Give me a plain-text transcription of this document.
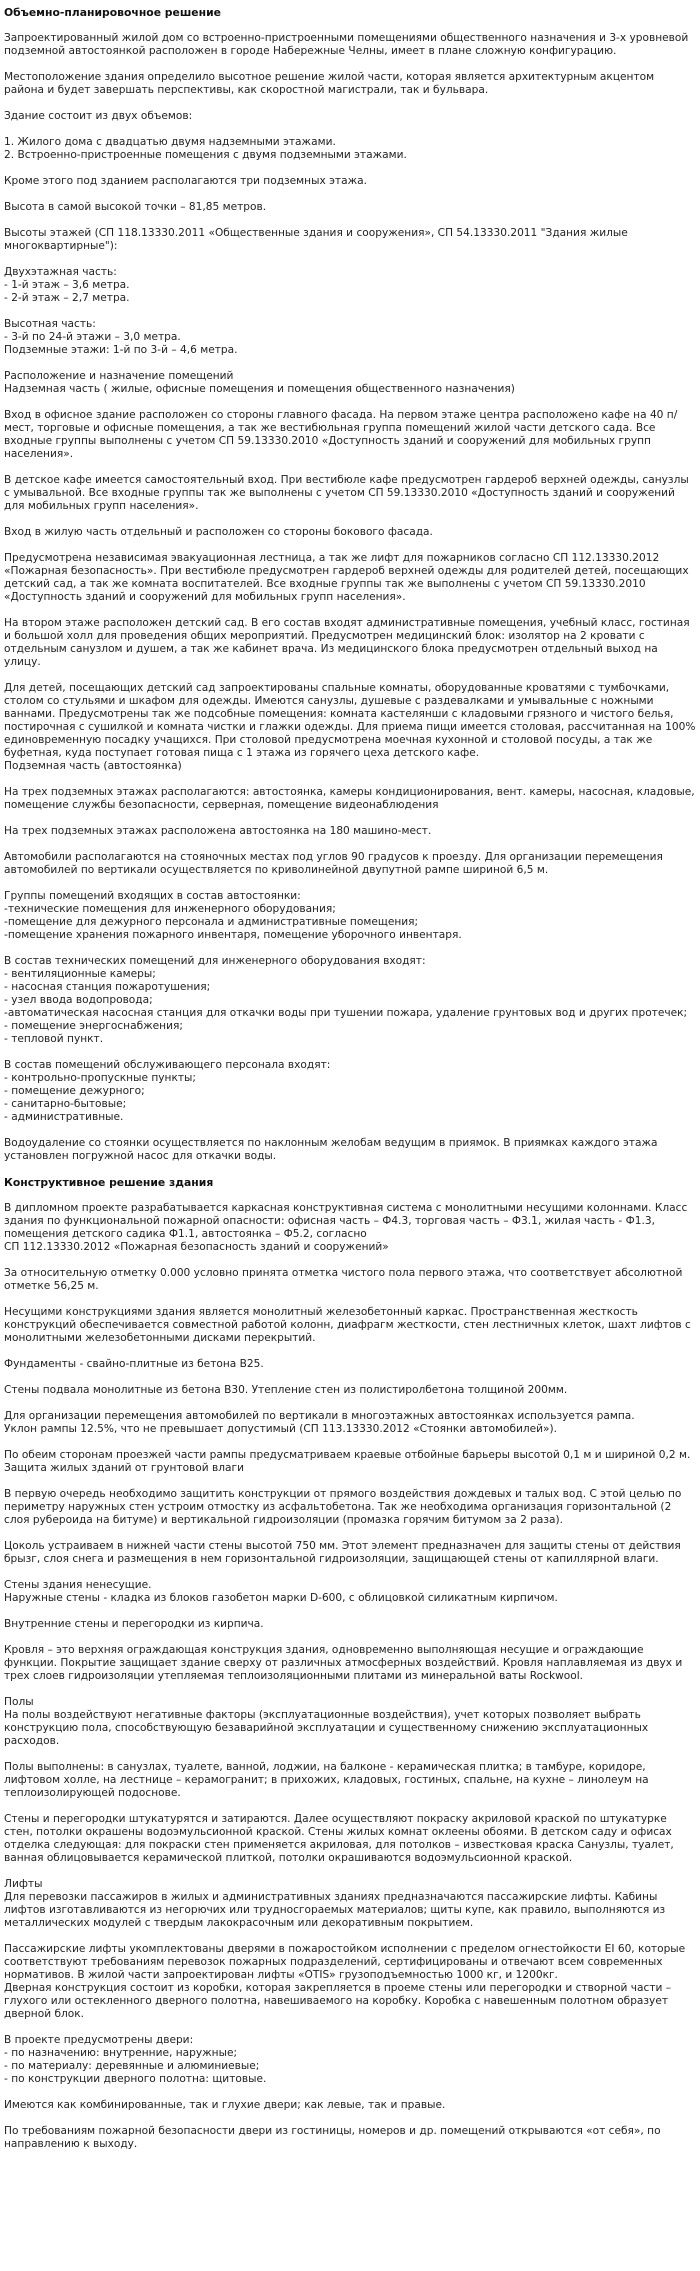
Объемно-планировочное решение

Запроектированный жилой дом со встроенно-пристроенными помещениями общественного назначения и 3-х уровневой подземной автостоянкой расположен в городе Набережные Челны, имеет в плане сложную конфигурацию.

Местоположение здания определило высотное решение жилой части, которая является архитектурным акцентом района и будет завершать перспективы, как скоростной магистрали, так и бульвара.

Здание состоит из двух объемов:

1. Жилого дома с двадцатью двумя надземными этажами.
2. Встроенно-пристроенные помещения с двумя подземными этажами.

Кроме этого под зданием располагаются три подземных этажа.

Высота в самой высокой точки – 81,85 метров.

Высоты этажей (СП 118.13330.2011 «Общественные здания и сооружения», СП 54.13330.2011 "Здания жилые многоквартирные"):

Двухэтажная часть:
- 1-й этаж – 3,6 метра.
- 2-й этаж – 2,7 метра.

Высотная часть:
- 3-й по 24-й этажи – 3,0 метра.
Подземные этажи: 1-й по 3-й – 4,6 метра.

Расположение и назначение помещений
Надземная часть ( жилые, офисные помещения и помещения общественного назначения)

Вход в офисное здание расположен со стороны главного фасада. На первом этаже центра расположено кафе на 40 п/мест, торговые и офисные помещения, а так же вестибюльная группа помещений жилой части детского сада. Все входные группы выполнены с учетом СП 59.13330.2010 «Доступность зданий и сооружений для мобильных групп населения».

В детское кафе имеется самостоятельный вход. При вестибюле кафе предусмотрен гардероб верхней одежды, санузлы с умывальной. Все входные группы так же выполнены с учетом СП 59.13330.2010 «Доступность зданий и сооружений для мобильных групп населения».

Вход в жилую часть отдельный и расположен со стороны бокового фасада.

Предусмотрена независимая эвакуационная лестница, а так же лифт для пожарников согласно СП 112.13330.2012 «Пожарная безопасность». При вестибюле предусмотрен гардероб верхней одежды для родителей детей, посещающих детский сад, а так же комната воспитателей. Все входные группы так же выполнены с учетом СП 59.13330.2010 «Доступность зданий и сооружений для мобильных групп населения».

На втором этаже расположен детский сад. В его состав входят административные помещения, учебный класс, гостиная и большой холл для проведения общих мероприятий. Предусмотрен медицинский блок: изолятор на 2 кровати с отдельным санузлом и душем, а так же кабинет врача. Из медицинского блока предусмотрен отдельный выход на улицу.

Для детей, посещающих детский сад запроектированы спальные комнаты, оборудованные кроватями с тумбочками, столом со стульями и шкафом для одежды. Имеются санузлы, душевые с раздевалками и умывальные с ножными ваннами. Предусмотрены так же подсобные помещения: комната кастелянши с кладовыми грязного и чистого белья, постирочная с сушилкой и комната чистки и глажки одежды. Для приема пищи имеется столовая, рассчитанная на 100% единовременную посадку учащихся. При столовой предусмотрена моечная кухонной и столовой посуды, а так же буфетная, куда поступает готовая пища с 1 этажа из горячего цеха детского кафе.
Подземная часть (автостоянка)

На трех подземных этажах располагаются: автостоянка, камеры кондиционирования, вент. камеры, насосная, кладовые, помещение службы безопасности, серверная, помещение видеонаблюдения

На трех подземных этажах расположена автостоянка на 180 машино-мест.

Автомобили располагаются на стояночных местах под углов 90 градусов к проезду. Для организации перемещения автомобилей по вертикали осуществляется по криволинейной двупутной рампе шириной 6,5 м.

Группы помещений входящих в состав автостоянки:
-технические помещения для инженерного оборудования;
-помещение для дежурного персонала и административные помещения;
-помещение хранения пожарного инвентаря, помещение уборочного инвентаря.

В состав технических помещений для инженерного оборудования входят:
- вентиляционные камеры;
- насосная станция пожаротушения;
- узел ввода водопровода;
-автоматическая насосная станция для откачки воды при тушении пожара, удаление грунтовых вод и других протечек;
- помещение энергоснабжения;
- тепловой пункт.

В состав помещений обслуживающего персонала входят:
- контрольно-пропускные пункты;
- помещение дежурного;
- санитарно-бытовые;
- административные.

Водоудаление со стоянки осуществляется по наклонным желобам ведущим в приямок. В приямках каждого этажа установлен погружной насос для откачки воды.

Конструктивное решение здания

В дипломном проекте разрабатывается каркасная конструктивная система с монолитными несущими колоннами. Класс здания по функциональной пожарной опасности: офисная часть – Ф4.3, торговая часть – Ф3.1, жилая часть - Ф1.3, помещения детского садика Ф1.1, автостоянка – Ф5.2, согласно
СП 112.13330.2012 «Пожарная безопасность зданий и сооружений»

За относительную отметку 0.000 условно принята отметка чистого пола первого этажа, что соответствует абсолютной отметке 56,25 м.

Несущими конструкциями здания является монолитный железобетонный каркас. Пространственная жесткость конструкций обеспечивается совместной работой колонн, диафрагм жесткости, стен лестничных клеток, шахт лифтов с монолитными железобетонными дисками перекрытий.

Фундаменты - свайно-плитные из бетона B25.

Стены подвала монолитные из бетона B30. Утепление стен из полистиролбетона толщиной 200мм.

Для организации перемещения автомобилей по вертикали в многоэтажных автостоянках используется рампа.
Уклон рампы 12.5%, что не превышает допустимый (СП 113.13330.2012 «Стоянки автомобилей»).

По обеим сторонам проезжей части рампы предусматриваем краевые отбойные барьеры высотой 0,1 м и шириной 0,2 м.
Защита жилых зданий от грунтовой влаги

В первую очередь необходимо защитить конструкции от прямого воздействия дождевых и талых вод. С этой целью по периметру наружных стен устроим отмостку из асфальтобетона. Так же необходима организация горизонтальной (2 слоя рубероида на битуме) и вертикальной гидроизоляции (промазка горячим битумом за 2 раза).

Цоколь устраиваем в нижней части стены высотой 750 мм. Этот элемент предназначен для защиты стены от действия брызг, слоя снега и размещения в нем горизонтальной гидроизоляции, защищающей стены от капиллярной влаги.

Стены здания ненесущие.
Наружные стены - кладка из блоков газобетон марки D-600, с облицовкой силикатным кирпичом.

Внутренние стены и перегородки из кирпича.

Кровля – это верхняя ограждающая конструкция здания, одновременно выполняющая несущие и ограждающие функции. Покрытие защищает здание сверху от различных атмосферных воздействий. Кровля наплавляемая из двух и трех слоев гидроизоляции утепляемая теплоизоляционными плитами из минеральной ваты Rockwool.

Полы
На полы воздействуют негативные факторы (эксплуатационные воздействия), учет которых позволяет выбрать конструкцию пола, способствующую безаварийной эксплуатации и существенному снижению эксплуатационных расходов.

Полы выполнены: в санузлах, туалете, ванной, лоджии, на балконе - керамическая плитка; в тамбуре, коридоре, лифтовом холле, на лестнице – керамогранит; в прихожих, кладовых, гостиных, спальне, на кухне – линолеум на теплоизолирующей подоснове.

Стены и перегородки штукатурятся и затираются. Далее осуществляют покраску акриловой краской по штукатурке стен, потолки окрашены водоэмульсионной краской. Стены жилых комнат оклеены обоями. В детском саду и офисах отделка следующая: для покраски стен применяется акриловая, для потолков – известковая краска Санузлы, туалет, ванная облицовывается керамической плиткой, потолки окрашиваются водоэмульсионной краской.

Лифты
Для перевозки пассажиров в жилых и административных зданиях предназначаются пассажирские лифты. Кабины лифтов изготавливаются из негорючих или трудносгораемых материалов; щиты купе, как правило, выполняются из металлических модулей с твердым лакокрасочным или декоративным покрытием.

Пассажирские лифты укомплектованы дверями в пожаростойком исполнении с пределом огнестойкости EI 60, которые соответствуют требованиям перевозок пожарных подразделений, сертифицированы и отвечают всем современных нормативов. В жилой части запроектирован лифты «OTIS» грузоподъемностью 1000 кг, и 1200кг.
Дверная конструкция состоит из коробки, которая закрепляется в проеме стены или перегородки и створной части – глухого или остекленного дверного полотна, навешиваемого на коробку. Коробка с навешенным полотном образует дверной блок.

В проекте предусмотрены двери:
- по назначению: внутренние, наружные;
- по материалу: деревянные и алюминиевые;
- по конструкции дверного полотна: щитовые.

Имеются как комбинированные, так и глухие двери; как левые, так и правые.

По требованиям пожарной безопасности двери из гостиницы, номеров и др. помещений открываются «от себя», по направлению к выходу.
